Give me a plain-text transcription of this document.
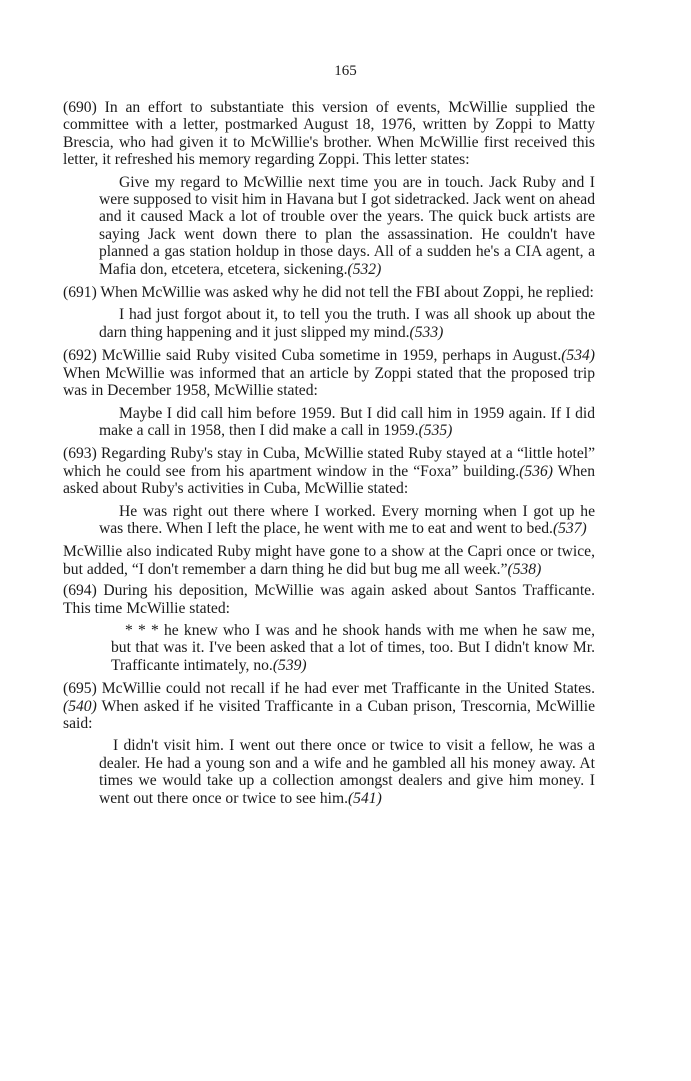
165

(690) In an effort to substantiate this version of events, McWillie supplied the committee with a letter, postmarked August 18, 1976, written by Zoppi to Matty Brescia, who had given it to McWillie's brother. When McWillie first received this letter, it refreshed his memory regarding Zoppi. This letter states:

Give my regard to McWillie next time you are in touch. Jack Ruby and I were supposed to visit him in Havana but I got sidetracked. Jack went on ahead and it caused Mack a lot of trouble over the years. The quick buck artists are saying Jack went down there to plan the assassination. He couldn't have planned a gas station holdup in those days. All of a sudden he's a CIA agent, a Mafia don, etcetera, etcetera, sickening.(532)

(691) When McWillie was asked why he did not tell the FBI about Zoppi, he replied:

I had just forgot about it, to tell you the truth. I was all shook up about the darn thing happening and it just slipped my mind.(533)

(692) McWillie said Ruby visited Cuba sometime in 1959, perhaps in August.(534) When McWillie was informed that an article by Zoppi stated that the proposed trip was in December 1958, McWillie stated:

Maybe I did call him before 1959. But I did call him in 1959 again. If I did make a call in 1958, then I did make a call in 1959.(535)

(693) Regarding Ruby's stay in Cuba, McWillie stated Ruby stayed at a “little hotel” which he could see from his apartment window in the “Foxa” building.(536) When asked about Ruby's activities in Cuba, McWillie stated:

He was right out there where I worked. Every morning when I got up he was there. When I left the place, he went with me to eat and went to bed.(537)

McWillie also indicated Ruby might have gone to a show at the Capri once or twice, but added, “I don't remember a darn thing he did but bug me all week.”(538)

(694) During his deposition, McWillie was again asked about Santos Trafficante. This time McWillie stated:

* * * he knew who I was and he shook hands with me when he saw me, but that was it. I've been asked that a lot of times, too. But I didn't know Mr. Trafficante intimately, no.(539)

(695) McWillie could not recall if he had ever met Trafficante in the United States.(540) When asked if he visited Trafficante in a Cuban prison, Trescornia, McWillie said:

I didn't visit him. I went out there once or twice to visit a fellow, he was a dealer. He had a young son and a wife and he gambled all his money away. At times we would take up a collection amongst dealers and give him money. I went out there once or twice to see him.(541)
